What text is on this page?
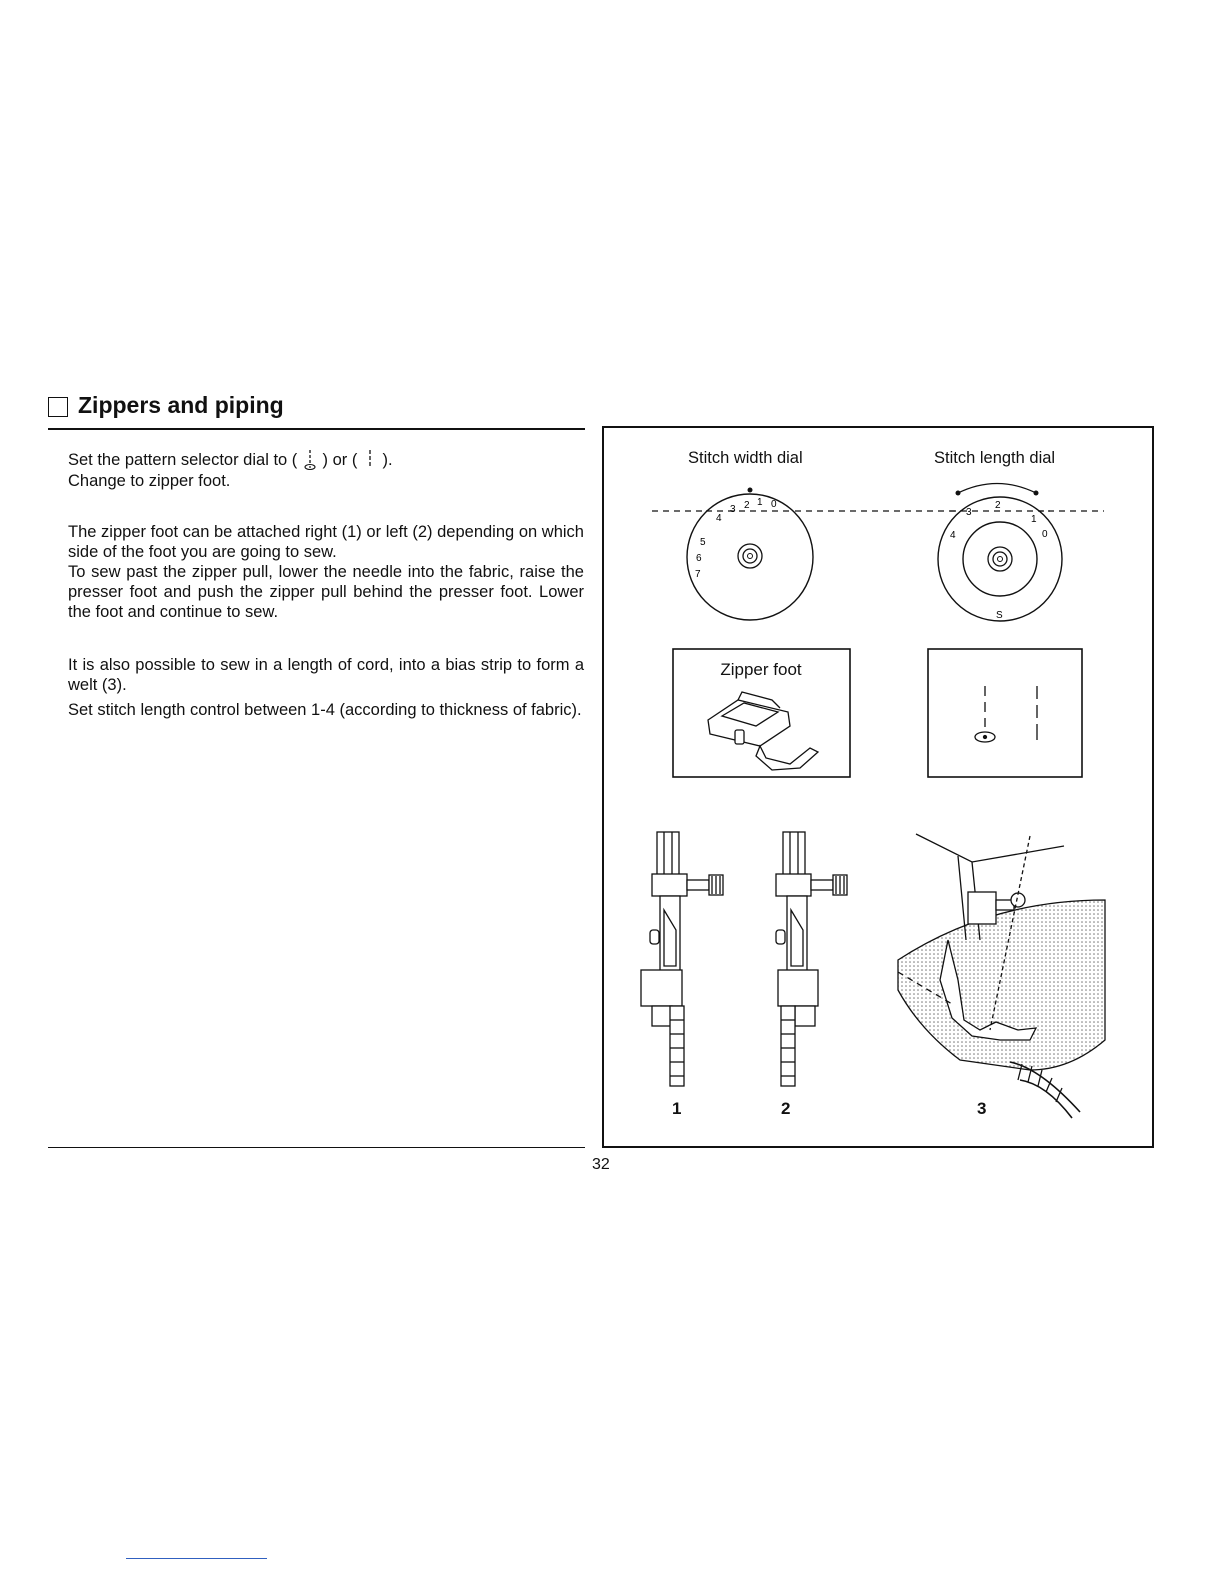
Zippers and piping

Set the pattern selector dial to ( ) or ( ).

Change to zipper foot.

The zipper foot can be attached right (1) or left (2) depending on which side of the foot you are going to sew.

To sew past the zipper pull, lower the needle into the fabric, raise the presser foot and push the zipper pull behind the presser foot. Lower the foot and continue to sew.

It is also possible to sew in a length of cord, into a bias strip to form a welt (3).

Set stitch length control between 1-4 (according to thickness of fabric).

Stitch width dial	Stitch length dial
0
1
2
3
4
5
6
7
0
1
2
3
4
S
Zipper foot
1	2	3
32
